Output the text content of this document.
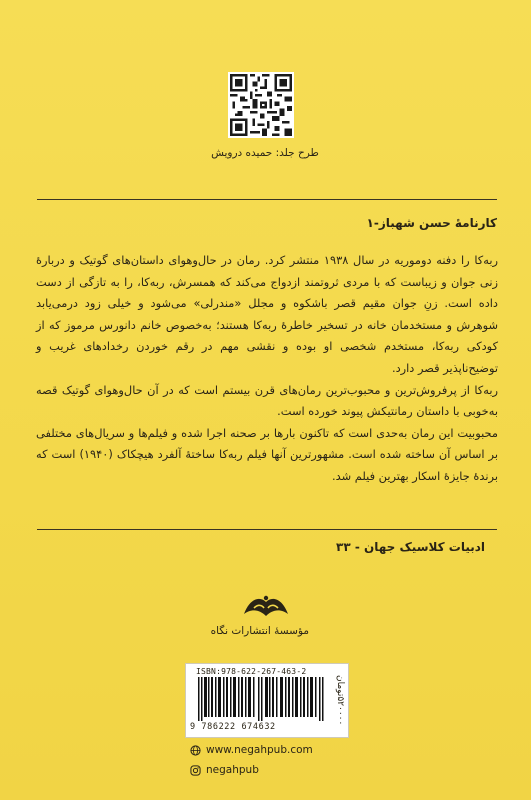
طرح جلد: حمیده درویش
کارنامهٔ حسن شهباز-۱

ربه‌کا را دفنه دوموریه در سال ۱۹۳۸ منتشر کرد. رمان در حال‌وهوای داستان‌های گوتیک و دربارهٔ زنی جوان و زیباست که با مردی ثروتمند ازدواج می‌کند که همسرش، ربه‌کا، را به تازگی از دست داده است. زنِ جوان مقیم قصر باشکوه و مجلل «مندرلی» می‌شود و خیلی زود درمی‌یابد شوهرش و مستخدمان خانه در تسخیر خاطرهٔ ربه‌کا هستند؛ به‌خصوص خانم دانورس مرموز که از کودکی ربه‌کا، مستخدم شخصی او بوده و نقشی مهم در رقم خوردن رخدادهای غریب و توضیح‌ناپذیر قصر دارد.

ربه‌کا از پرفروش‌ترین و محبوب‌ترین رمان‌های قرن بیستم است که در آن حال‌وهوای گوتیک قصه به‌خوبی با داستان رمانتیکش پیوند خورده است.

محبوبیت این رمان به‌حدی است که تاکنون بارها بر صحنه اجرا شده و فیلم‌ها و سریال‌های مختلفی بر اساس آن ساخته شده است. مشهورترین آنها فیلم ربه‌کا ساختهٔ آلفرد هیچکاک (۱۹۴۰) است که برندهٔ جایزهٔ اسکار بهترین فیلم شد.

ادبیات کلاسیک جهان - ۳۳
مؤسسهٔ انتشارات نگاه
ISBN:978-622-267-463-2
9 786222 674632
۵۲۰۰۰۰تومان
www.negahpub.com
negahpub
